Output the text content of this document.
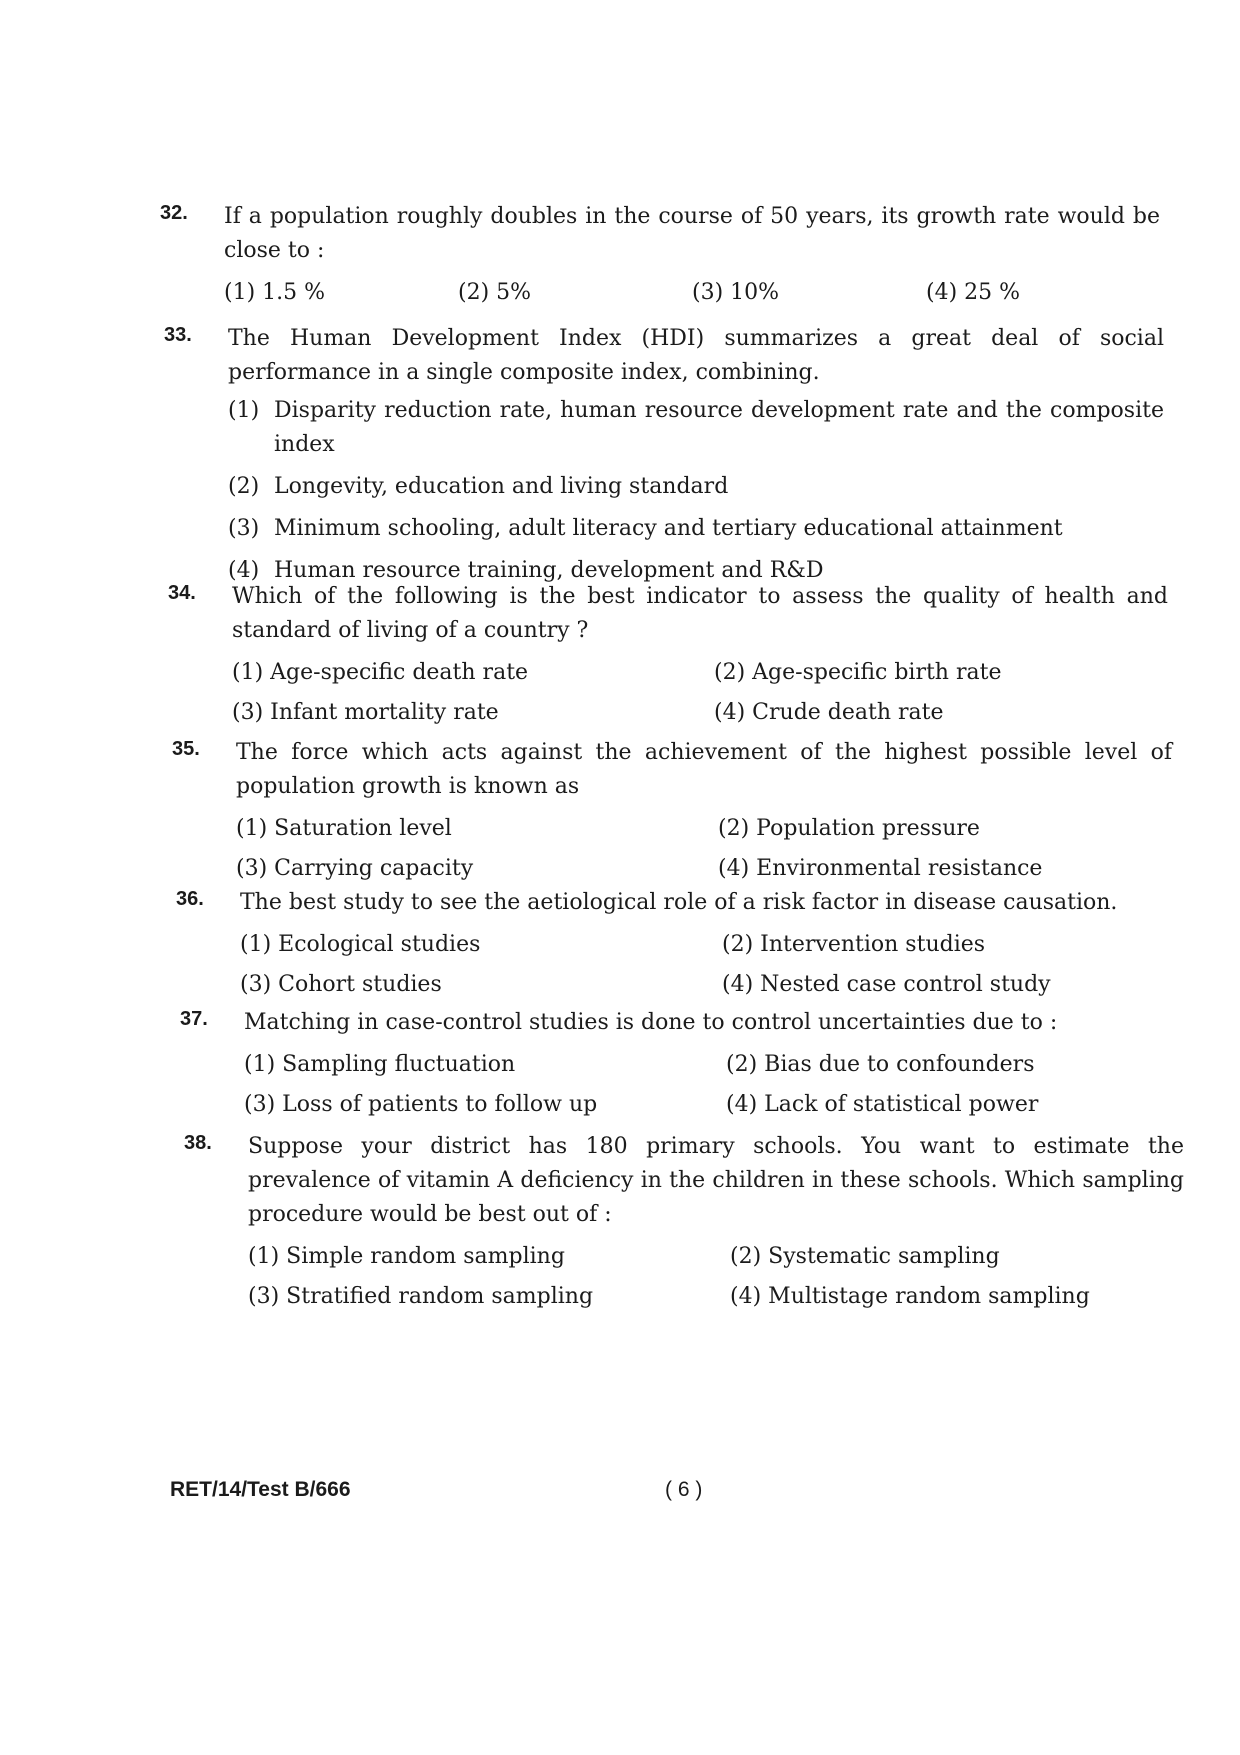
32. If a population roughly doubles in the course of 50 years, its growth rate would be close to :
(1) 1.5 %	(2) 5%	(3) 10%	(4) 25 %
33. The Human Development Index (HDI) summarizes a great deal of social performance in a single composite index, combining.
(1) Disparity reduction rate, human resource development rate and the composite index
(2) Longevity, education and living standard
(3) Minimum schooling, adult literacy and tertiary educational attainment
(4) Human resource training, development and R&D
34. Which of the following is the best indicator to assess the quality of health and standard of living of a country ?
(1) Age-specific death rate	(2) Age-specific birth rate
(3) Infant mortality rate	(4) Crude death rate
35. The force which acts against the achievement of the highest possible level of population growth is known as
(1) Saturation level	(2) Population pressure
(3) Carrying capacity	(4) Environmental resistance
36. The best study to see the aetiological role of a risk factor in disease causation.
(1) Ecological studies	(2) Intervention studies
(3) Cohort studies	(4) Nested case control study
37. Matching in case-control studies is done to control uncertainties due to :
(1) Sampling fluctuation	(2) Bias due to confounders
(3) Loss of patients to follow up	(4) Lack of statistical power
38. Suppose your district has 180 primary schools. You want to estimate the prevalence of vitamin A deficiency in the children in these schools. Which sampling procedure would be best out of :
(1) Simple random sampling	(2) Systematic sampling
(3) Stratified random sampling	(4) Multistage random sampling
RET/14/Test B/666	( 6 )
